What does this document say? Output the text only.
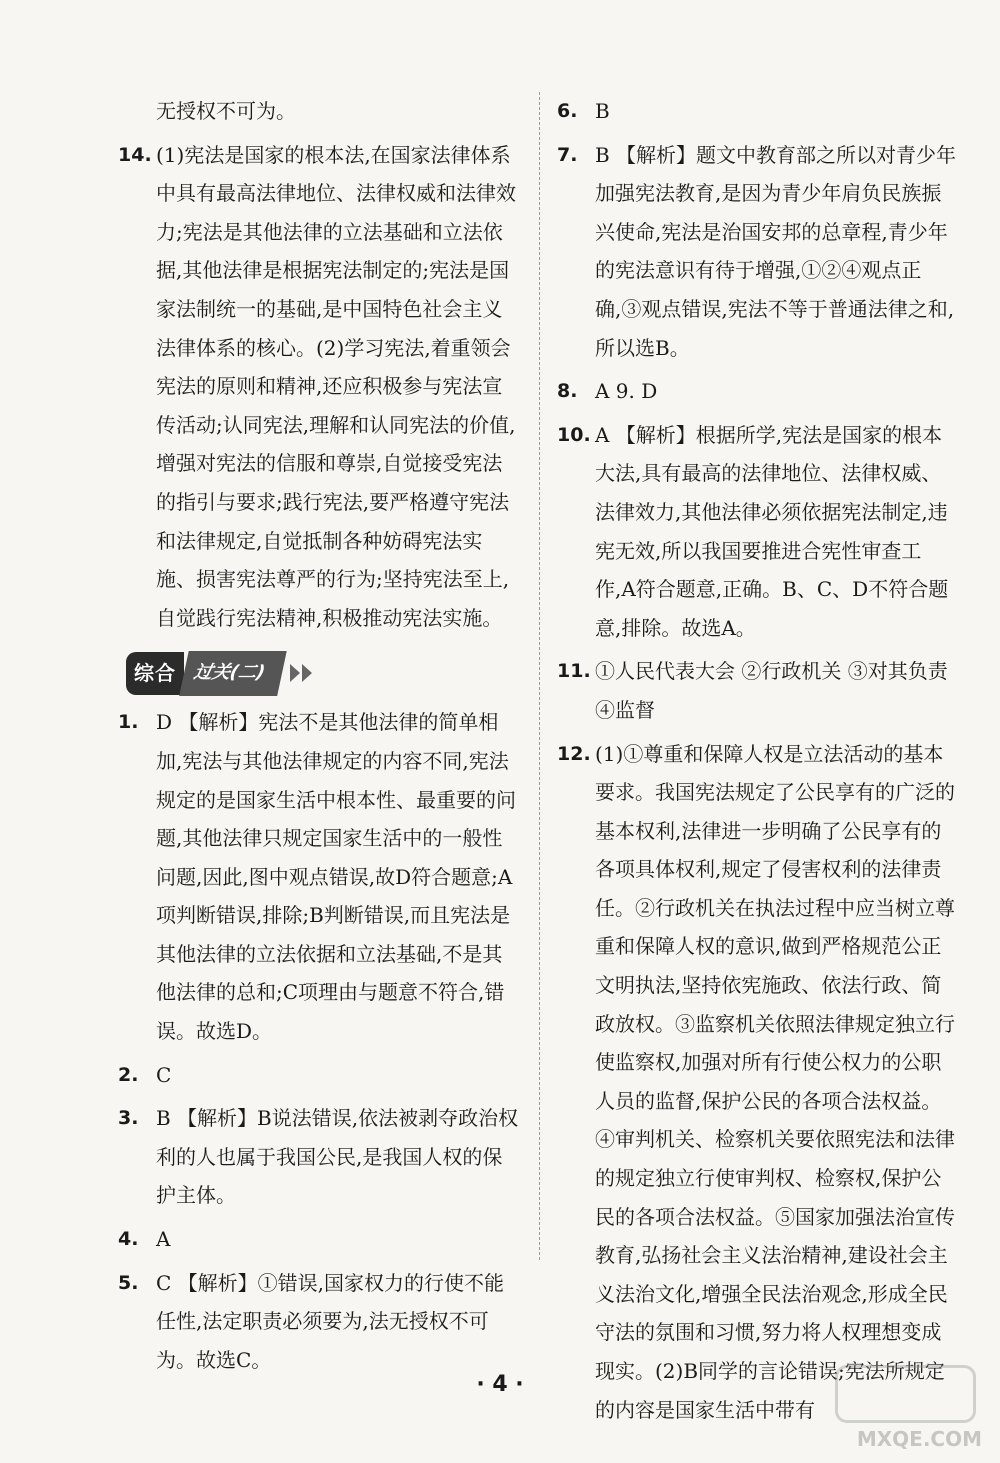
无授权不可为。

14. (1)宪法是国家的根本法,在国家法律体系中具有最高法律地位、法律权威和法律效力;宪法是其他法律的立法基础和立法依据,其他法律是根据宪法制定的;宪法是国家法制统一的基础,是中国特色社会主义法律体系的核心。(2)学习宪法,着重领会宪法的原则和精神,还应积极参与宪法宣传活动;认同宪法,理解和认同宪法的价值,增强对宪法的信服和尊崇,自觉接受宪法的指引与要求;践行宪法,要严格遵守宪法和法律规定,自觉抵制各种妨碍宪法实施、损害宪法尊严的行为;坚持宪法至上,自觉践行宪法精神,积极推动宪法实施。
综合 过关(二)
1. D 【解析】宪法不是其他法律的简单相加,宪法与其他法律规定的内容不同,宪法规定的是国家生活中根本性、最重要的问题,其他法律只规定国家生活中的一般性问题,因此,图中观点错误,故D符合题意;A项判断错误,排除;B判断错误,而且宪法是其他法律的立法依据和立法基础,不是其他法律的总和;C项理由与题意不符合,错误。故选D。
2. C
3. B 【解析】B说法错误,依法被剥夺政治权利的人也属于我国公民,是我国人权的保护主体。
4. A
5. C 【解析】①错误,国家权力的行使不能任性,法定职责必须要为,法无授权不可为。故选C。
6. B
7. B 【解析】题文中教育部之所以对青少年加强宪法教育,是因为青少年肩负民族振兴使命,宪法是治国安邦的总章程,青少年的宪法意识有待于增强,①②④观点正确,③观点错误,宪法不等于普通法律之和,所以选B。
8. A 9. D
10. A 【解析】根据所学,宪法是国家的根本大法,具有最高的法律地位、法律权威、法律效力,其他法律必须依据宪法制定,违宪无效,所以我国要推进合宪性审查工作,A符合题意,正确。B、C、D不符合题意,排除。故选A。
11. ①人民代表大会 ②行政机关 ③对其负责 ④监督
12. (1)①尊重和保障人权是立法活动的基本要求。我国宪法规定了公民享有的广泛的基本权利,法律进一步明确了公民享有的各项具体权利,规定了侵害权利的法律责任。②行政机关在执法过程中应当树立尊重和保障人权的意识,做到严格规范公正文明执法,坚持依宪施政、依法行政、简政放权。③监察机关依照法律规定独立行使监察权,加强对所有行使公权力的公职人员的监督,保护公民的各项合法权益。④审判机关、检察机关要依照宪法和法律的规定独立行使审判权、检察权,保护公民的各项合法权益。⑤国家加强法治宣传教育,弘扬社会主义法治精神,建设社会主义法治文化,增强全民法治观念,形成全民守法的氛围和习惯,努力将人权理想变成现实。(2)B同学的言论错误;宪法所规定的内容是国家生活中带有
· 4 ·
MXQE.COM
